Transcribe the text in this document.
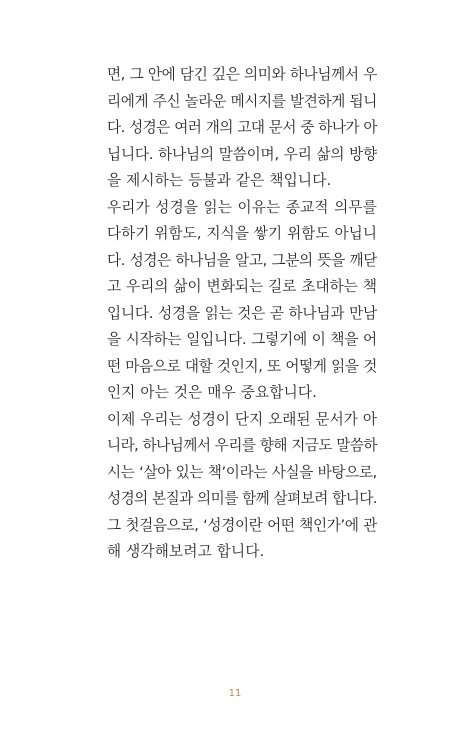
면, 그 안에 담긴 깊은 의미와 하나님께서 우
리에게 주신 놀라운 메시지를 발견하게 됩니
다. 성경은 여러 개의 고대 문서 중 하나가 아
닙니다. 하나님의 말씀이며, 우리 삶의 방향
을 제시하는 등불과 같은 책입니다.
우리가 성경을 읽는 이유는 종교적 의무를
다하기 위함도, 지식을 쌓기 위함도 아닙니
다. 성경은 하나님을 알고, 그분의 뜻을 깨닫
고 우리의 삶이 변화되는 길로 초대하는 책
입니다. 성경을 읽는 것은 곧 하나님과 만남
을 시작하는 일입니다. 그렇기에 이 책을 어
떤 마음으로 대할 것인지, 또 어떻게 읽을 것
인지 아는 것은 매우 중요합니다.
이제 우리는 성경이 단지 오래된 문서가 아
니라, 하나님께서 우리를 향해 지금도 말씀하
시는 ‘살아 있는 책’이라는 사실을 바탕으로,
성경의 본질과 의미를 함께 살펴보려 합니다.
그 첫걸음으로, ‘성경이란 어떤 책인가’에 관
해 생각해보려고 합니다.
11
